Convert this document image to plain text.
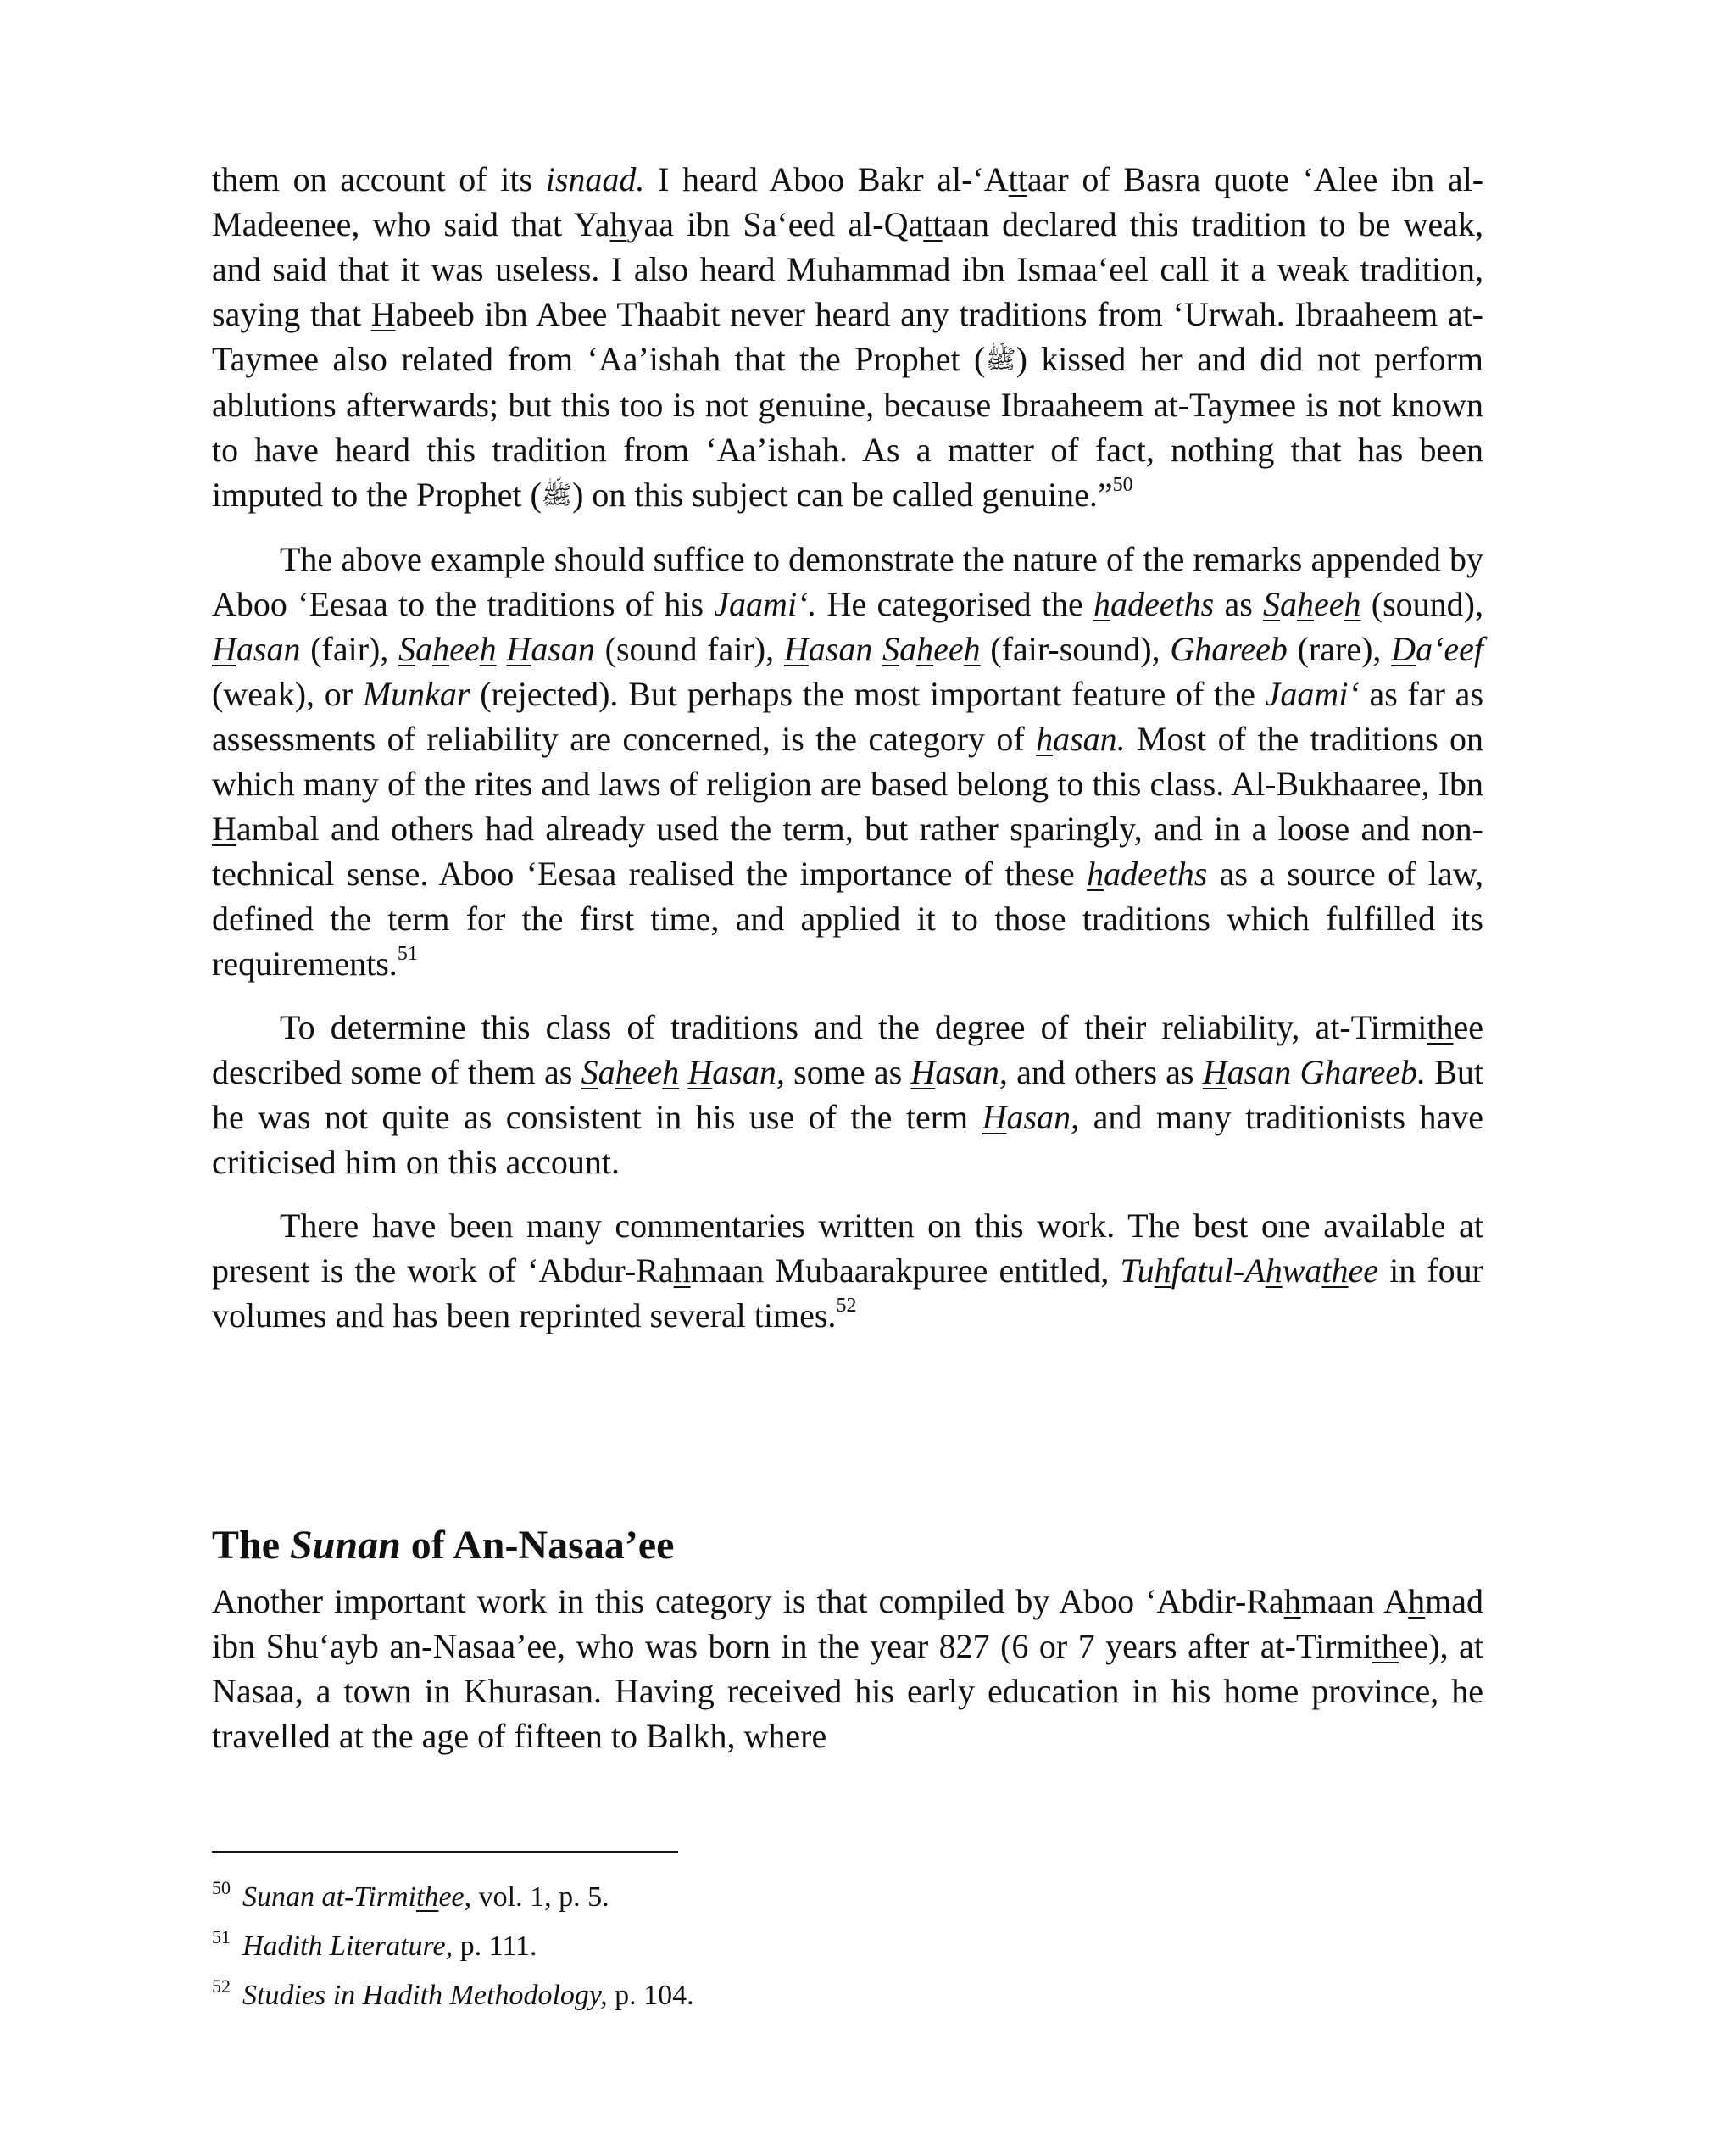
them on account of its isnaad. I heard Aboo Bakr al-‘Attaar of Basra quote ‘Alee ibn al-Madeenee, who said that Yahyaa ibn Sa‘eed al-Qattaan declared this tradition to be weak, and said that it was useless. I also heard Muhammad ibn Ismaa‘eel call it a weak tradition, saying that Habeeb ibn Abee Thaabit never heard any traditions from ‘Urwah. Ibraaheem at-Taymee also related from ‘Aa’ishah that the Prophet (ﷺ) kissed her and did not perform ablutions afterwards; but this too is not genuine, because Ibraaheem at-Taymee is not known to have heard this tradition from ‘Aa’ishah. As a matter of fact, nothing that has been imputed to the Prophet (ﷺ) on this subject can be called genuine.”$^{50}$

The above example should suffice to demonstrate the nature of the remarks appended by Aboo ‘Eesaa to the traditions of his Jaami‘. He categorised the hadeeths as Saheeh (sound), Hasan (fair), Saheeh Hasan (sound fair), Hasan Saheeh (fair-sound), Ghareeb (rare), Da‘eef (weak), or Munkar (rejected). But perhaps the most important feature of the Jaami‘ as far as assessments of reliability are concerned, is the category of hasan. Most of the traditions on which many of the rites and laws of religion are based belong to this class. Al-Bukhaaree, Ibn Hambal and others had already used the term, but rather sparingly, and in a loose and non-technical sense. Aboo ‘Eesaa realised the importance of these hadeeths as a source of law, defined the term for the first time, and applied it to those traditions which fulfilled its requirements.$^{51}$

To determine this class of traditions and the degree of their reliability, at-Tirmithee described some of them as Saheeh Hasan, some as Hasan, and others as Hasan Ghareeb. But he was not quite as consistent in his use of the term Hasan, and many traditionists have criticised him on this account.

There have been many commentaries written on this work. The best one available at present is the work of ‘Abdur-Rahmaan Mubaarakpuree entitled, Tuhfatul-Ahwathee in four volumes and has been reprinted several times.$^{52}$

The Sunan of An-Nasaa’ee

Another important work in this category is that compiled by Aboo ‘Abdir-Rahmaan Ahmad ibn Shu‘ayb an-Nasaa’ee, who was born in the year 827 (6 or 7 years after at-Tirmithee), at Nasaa, a town in Khurasan. Having received his early education in his home province, he travelled at the age of fifteen to Balkh, where

$^{50}$ Sunan at-Tirmithee, vol. 1, p. 5.

$^{51}$ Hadith Literature, p. 111.

$^{52}$ Studies in Hadith Methodology, p. 104.
